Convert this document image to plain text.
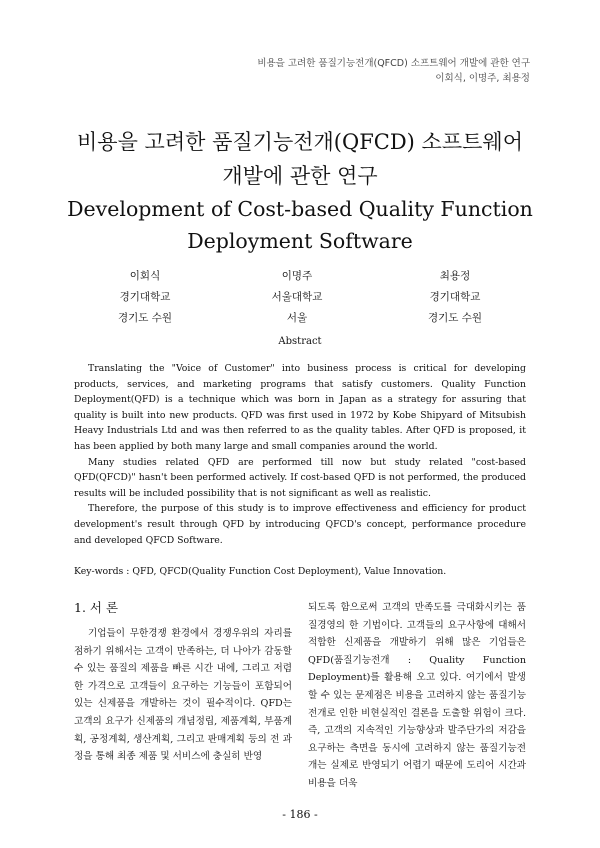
비용을 고려한 품질기능전개(QFCD) 소프트웨어 개발에 관한 연구
이회식, 이명주, 최용정
비용을 고려한 품질기능전개(QFCD) 소프트웨어
개발에 관한 연구
Development of Cost-based Quality Function
Deployment Software
이회식
경기대학교
경기도 수원
이명주
서울대학교
서울
최용정
경기대학교
경기도 수원
Abstract

Translating the "Voice of Customer" into business process is critical for developing products, services, and marketing programs that satisfy customers. Quality Function Deployment(QFD) is a technique which was born in Japan as a strategy for assuring that quality is built into new products. QFD was first used in 1972 by Kobe Shipyard of Mitsubish Heavy Industrials Ltd and was then referred to as the quality tables. After QFD is proposed, it has been applied by both many large and small companies around the world.

Many studies related QFD are performed till now but study related "cost-based QFD(QFCD)" hasn't been performed actively. If cost-based QFD is not performed, the produced results will be included possibility that is not significant as well as realistic.

Therefore, the purpose of this study is to improve effectiveness and efficiency for product development's result through QFD by introducing QFCD's concept, performance procedure and developed QFCD Software.

Key-words : QFD, QFCD(Quality Function Cost Deployment), Value Innovation.
1. 서 론

기업들이 무한경쟁 환경에서 경쟁우위의 자리를 점하기 위해서는 고객이 만족하는, 더 나아가 감동할 수 있는 품질의 제품을 빠른 시간 내에, 그리고 저렴한 가격으로 고객들이 요구하는 기능들이 포함되어 있는 신제품을 개발하는 것이 필수적이다. QFD는 고객의 요구가 신제품의 개념정립, 제품계획, 부품계획, 공정계획, 생산계획, 그리고 판매계획 등의 전 과정을 통해 최종 제품 및 서비스에 충실히 반영

되도록 함으로써 고객의 만족도를 극대화시키는 품질경영의 한 기법이다. 고객들의 요구사항에 대해서 적합한 신제품을 개발하기 위해 많은 기업들은 QFD(품질기능전개 : Quality Function Deployment)를 활용해 오고 있다. 여기에서 발생할 수 있는 문제점은 비용을 고려하지 않는 품질기능전개로 인한 비현실적인 결론을 도출할 위험이 크다. 즉, 고객의 지속적인 기능향상과 발주단가의 저감을 요구하는 측면을 동시에 고려하지 않는 품질기능전개는 실제로 반영되기 어렵기 때문에 도리어 시간과 비용을 더욱

- 186 -
